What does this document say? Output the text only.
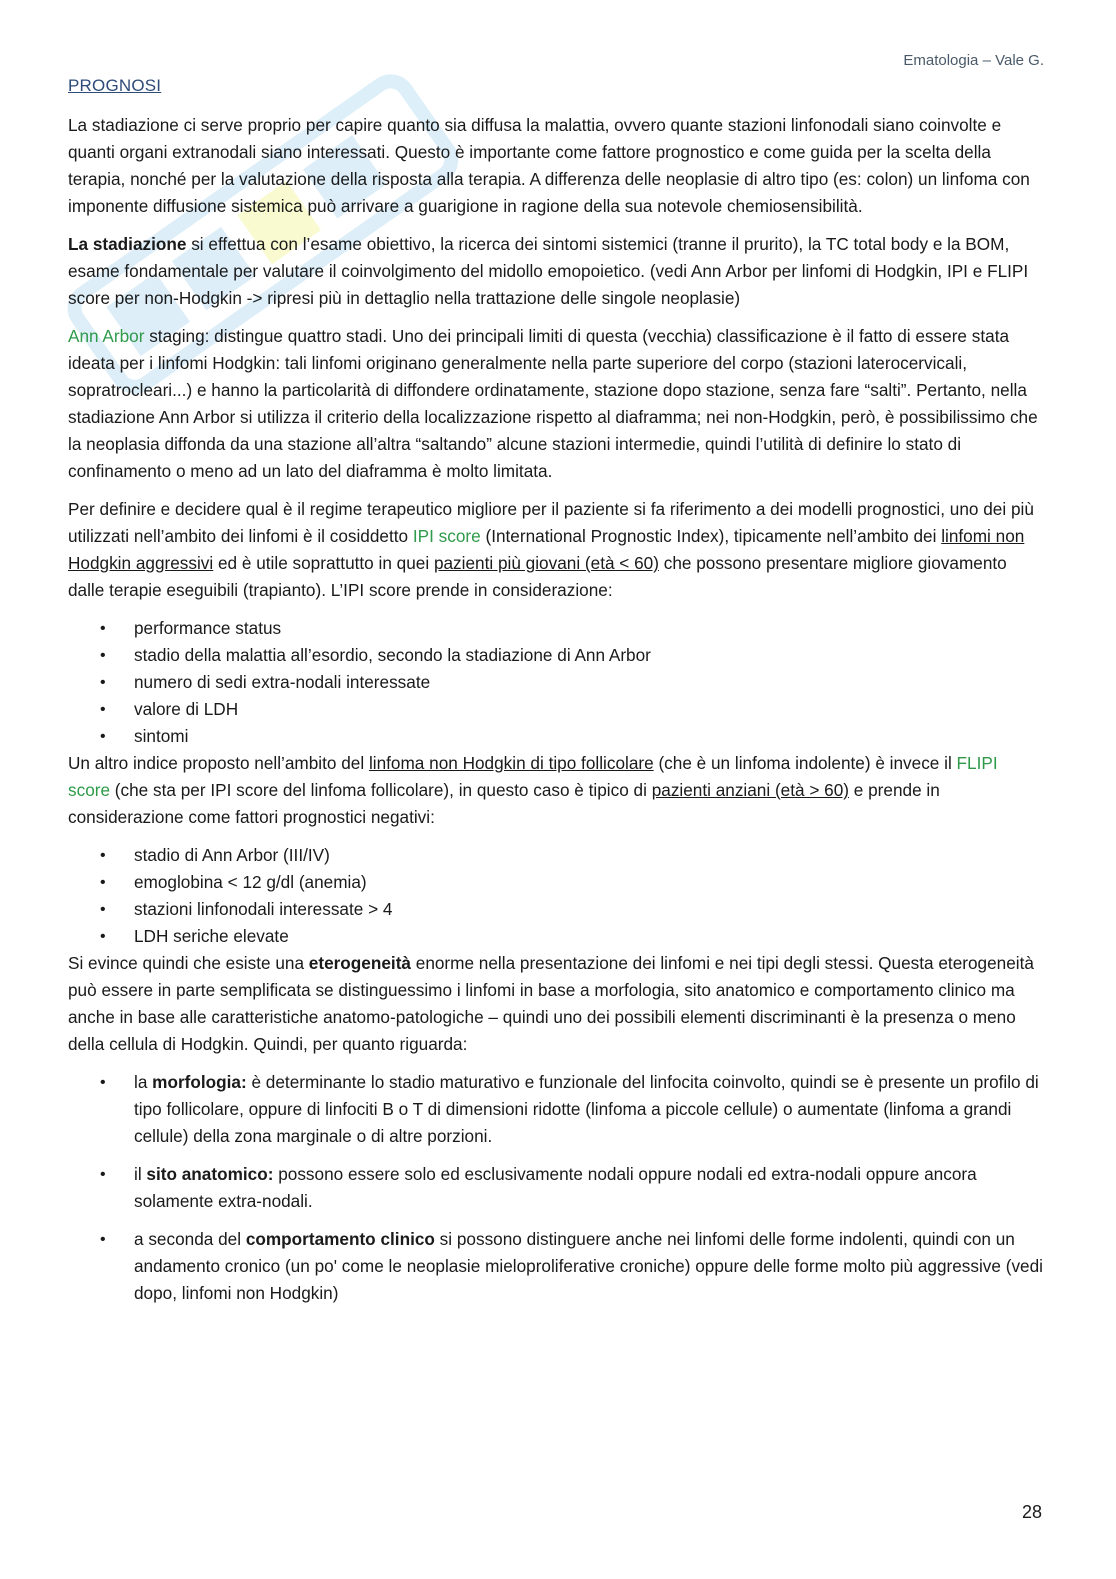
Ematologia – Vale G.
PROGNOSI

La stadiazione ci serve proprio per capire quanto sia diffusa la malattia, ovvero quante stazioni linfonodali siano coinvolte e quanti organi extranodali siano interessati. Questo è importante come fattore prognostico e come guida per la scelta della terapia, nonché per la valutazione della risposta alla terapia. A differenza delle neoplasie di altro tipo (es: colon) un linfoma con imponente diffusione sistemica può arrivare a guarigione in ragione della sua notevole chemiosensibilità.

La stadiazione si effettua con l’esame obiettivo, la ricerca dei sintomi sistemici (tranne il prurito), la TC total body e la BOM, esame fondamentale per valutare il coinvolgimento del midollo emopoietico. (vedi Ann Arbor per linfomi di Hodgkin, IPI e FLIPI score per non-Hodgkin -> ripresi più in dettaglio nella trattazione delle singole neoplasie)

Ann Arbor staging: distingue quattro stadi. Uno dei principali limiti di questa (vecchia) classificazione è il fatto di essere stata ideata per i linfomi Hodgkin: tali linfomi originano generalmente nella parte superiore del corpo (stazioni laterocervicali, sopratrocleari...) e hanno la particolarità di diffondere ordinatamente, stazione dopo stazione, senza fare “salti”. Pertanto, nella stadiazione Ann Arbor si utilizza il criterio della localizzazione rispetto al diaframma; nei non-Hodgkin, però, è possibilissimo che la neoplasia diffonda da una stazione all’altra “saltando” alcune stazioni intermedie, quindi l’utilità di definire lo stato di confinamento o meno ad un lato del diaframma è molto limitata.

Per definire e decidere qual è il regime terapeutico migliore per il paziente si fa riferimento a dei modelli prognostici, uno dei più utilizzati nell’ambito dei linfomi è il cosiddetto IPI score (International Prognostic Index), tipicamente nell’ambito dei linfomi non Hodgkin aggressivi ed è utile soprattutto in quei pazienti più giovani (età < 60) che possono presentare migliore giovamento dalle terapie eseguibili (trapianto). L’IPI score prende in considerazione:

• performance status
• stadio della malattia all’esordio, secondo la stadiazione di Ann Arbor
• numero di sedi extra-nodali interessate
• valore di LDH
• sintomi

Un altro indice proposto nell’ambito del linfoma non Hodgkin di tipo follicolare (che è un linfoma indolente) è invece il FLIPI score (che sta per IPI score del linfoma follicolare), in questo caso è tipico di pazienti anziani (età > 60) e prende in considerazione come fattori prognostici negativi:

• stadio di Ann Arbor (III/IV)
• emoglobina < 12 g/dl (anemia)
• stazioni linfonodali interessate > 4
• LDH seriche elevate

Si evince quindi che esiste una eterogeneità enorme nella presentazione dei linfomi e nei tipi degli stessi. Questa eterogeneità può essere in parte semplificata se distinguessimo i linfomi in base a morfologia, sito anatomico e comportamento clinico ma anche in base alle caratteristiche anatomo-patologiche – quindi uno dei possibili elementi discriminanti è la presenza o meno della cellula di Hodgkin. Quindi, per quanto riguarda:

• la morfologia: è determinante lo stadio maturativo e funzionale del linfocita coinvolto, quindi se è presente un profilo di tipo follicolare, oppure di linfociti B o T di dimensioni ridotte (linfoma a piccole cellule) o aumentate (linfoma a grandi cellule) della zona marginale o di altre porzioni.
• il sito anatomico: possono essere solo ed esclusivamente nodali oppure nodali ed extra-nodali oppure ancora solamente extra-nodali.
• a seconda del comportamento clinico si possono distinguere anche nei linfomi delle forme indolenti, quindi con un andamento cronico (un po' come le neoplasie mieloproliferative croniche) oppure delle forme molto più aggressive (vedi dopo, linfomi non Hodgkin)
28
